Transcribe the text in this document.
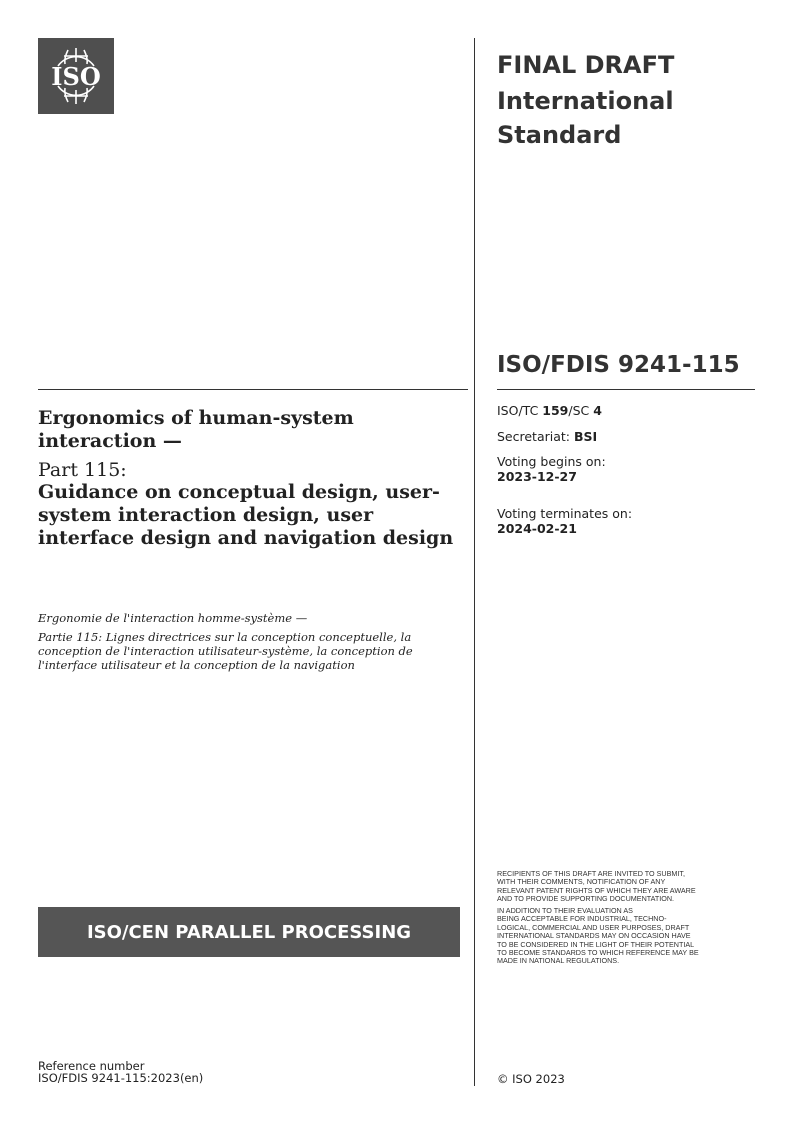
ISO	FINAL DRAFT
International
Standard
ISO/FDIS 9241-115
ISO/TC 159/SC 4
Secretariat: BSI
Voting begins on:
2023-12-27
Voting terminates on:
2024-02-21
Ergonomics of human-system interaction —
Part 115:
Guidance on conceptual design, user-system interaction design, user interface design and navigation design
Ergonomie de l'interaction homme-système —
Partie 115: Lignes directrices sur la conception conceptuelle, la conception de l'interaction utilisateur-système, la conception de l'interface utilisateur et la conception de la navigation
ISO/CEN PARALLEL PROCESSING
RECIPIENTS OF THIS DRAFT ARE INVITED TO SUBMIT,
WITH THEIR COMMENTS, NOTIFICATION OF ANY
RELEVANT PATENT RIGHTS OF WHICH THEY ARE AWARE
AND TO PROVIDE SUPPORTING DOCUMENTATION.
IN ADDITION TO THEIR EVALUATION AS
BEING ACCEPTABLE FOR INDUSTRIAL, TECHNO-
LOGICAL, COMMERCIAL AND USER PURPOSES, DRAFT
INTERNATIONAL STANDARDS MAY ON OCCASION HAVE
TO BE CONSIDERED IN THE LIGHT OF THEIR POTENTIAL
TO BECOME STANDARDS TO WHICH REFERENCE MAY BE
MADE IN NATIONAL REGULATIONS.
Reference number
ISO/FDIS 9241-115:2023(en)	© ISO 2023
